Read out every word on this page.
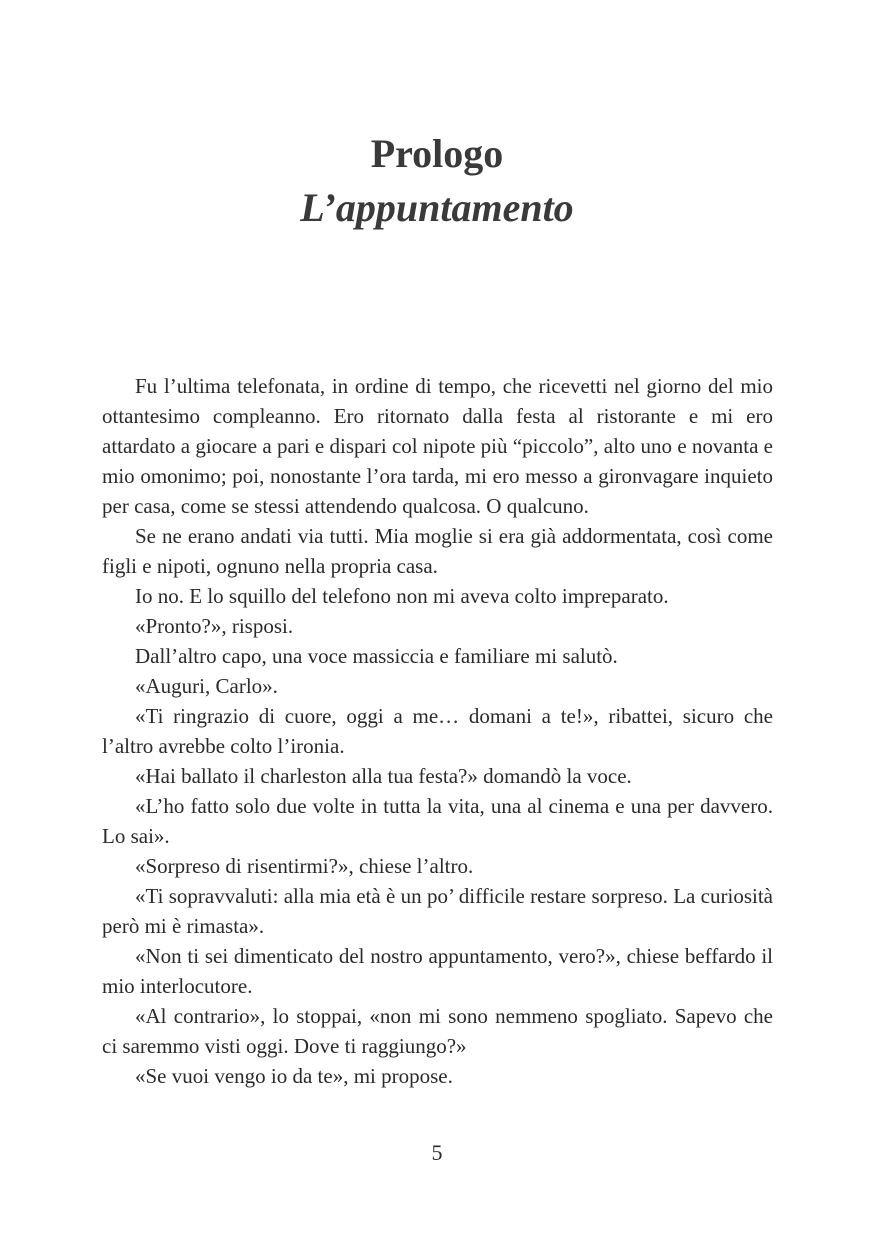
Prologo
L’appuntamento

Fu l’ultima telefonata, in ordine di tempo, che ricevetti nel giorno del mio ottantesimo compleanno. Ero ritornato dalla festa al ristorante e mi ero attardato a giocare a pari e dispari col nipote più “piccolo”, alto uno e novanta e mio omonimo; poi, nonostante l’ora tarda, mi ero messo a gironvagare inquieto per casa, come se stessi attendendo qualcosa. O qualcuno.

Se ne erano andati via tutti. Mia moglie si era già addormentata, così come figli e nipoti, ognuno nella propria casa.

Io no. E lo squillo del telefono non mi aveva colto impreparato.

«Pronto?», risposi.

Dall’altro capo, una voce massiccia e familiare mi salutò.

«Auguri, Carlo».

«Ti ringrazio di cuore, oggi a me… domani a te!», ribattei, sicuro che l’altro avrebbe colto l’ironia.

«Hai ballato il charleston alla tua festa?» domandò la voce.

«L’ho fatto solo due volte in tutta la vita, una al cinema e una per davvero. Lo sai».

«Sorpreso di risentirmi?», chiese l’altro.

«Ti sopravvaluti: alla mia età è un po’ difficile restare sorpreso. La curiosità però mi è rimasta».

«Non ti sei dimenticato del nostro appuntamento, vero?», chiese beffardo il mio interlocutore.

«Al contrario», lo stoppai, «non mi sono nemmeno spogliato. Sapevo che ci saremmo visti oggi. Dove ti raggiungo?»

«Se vuoi vengo io da te», mi propose.

5
